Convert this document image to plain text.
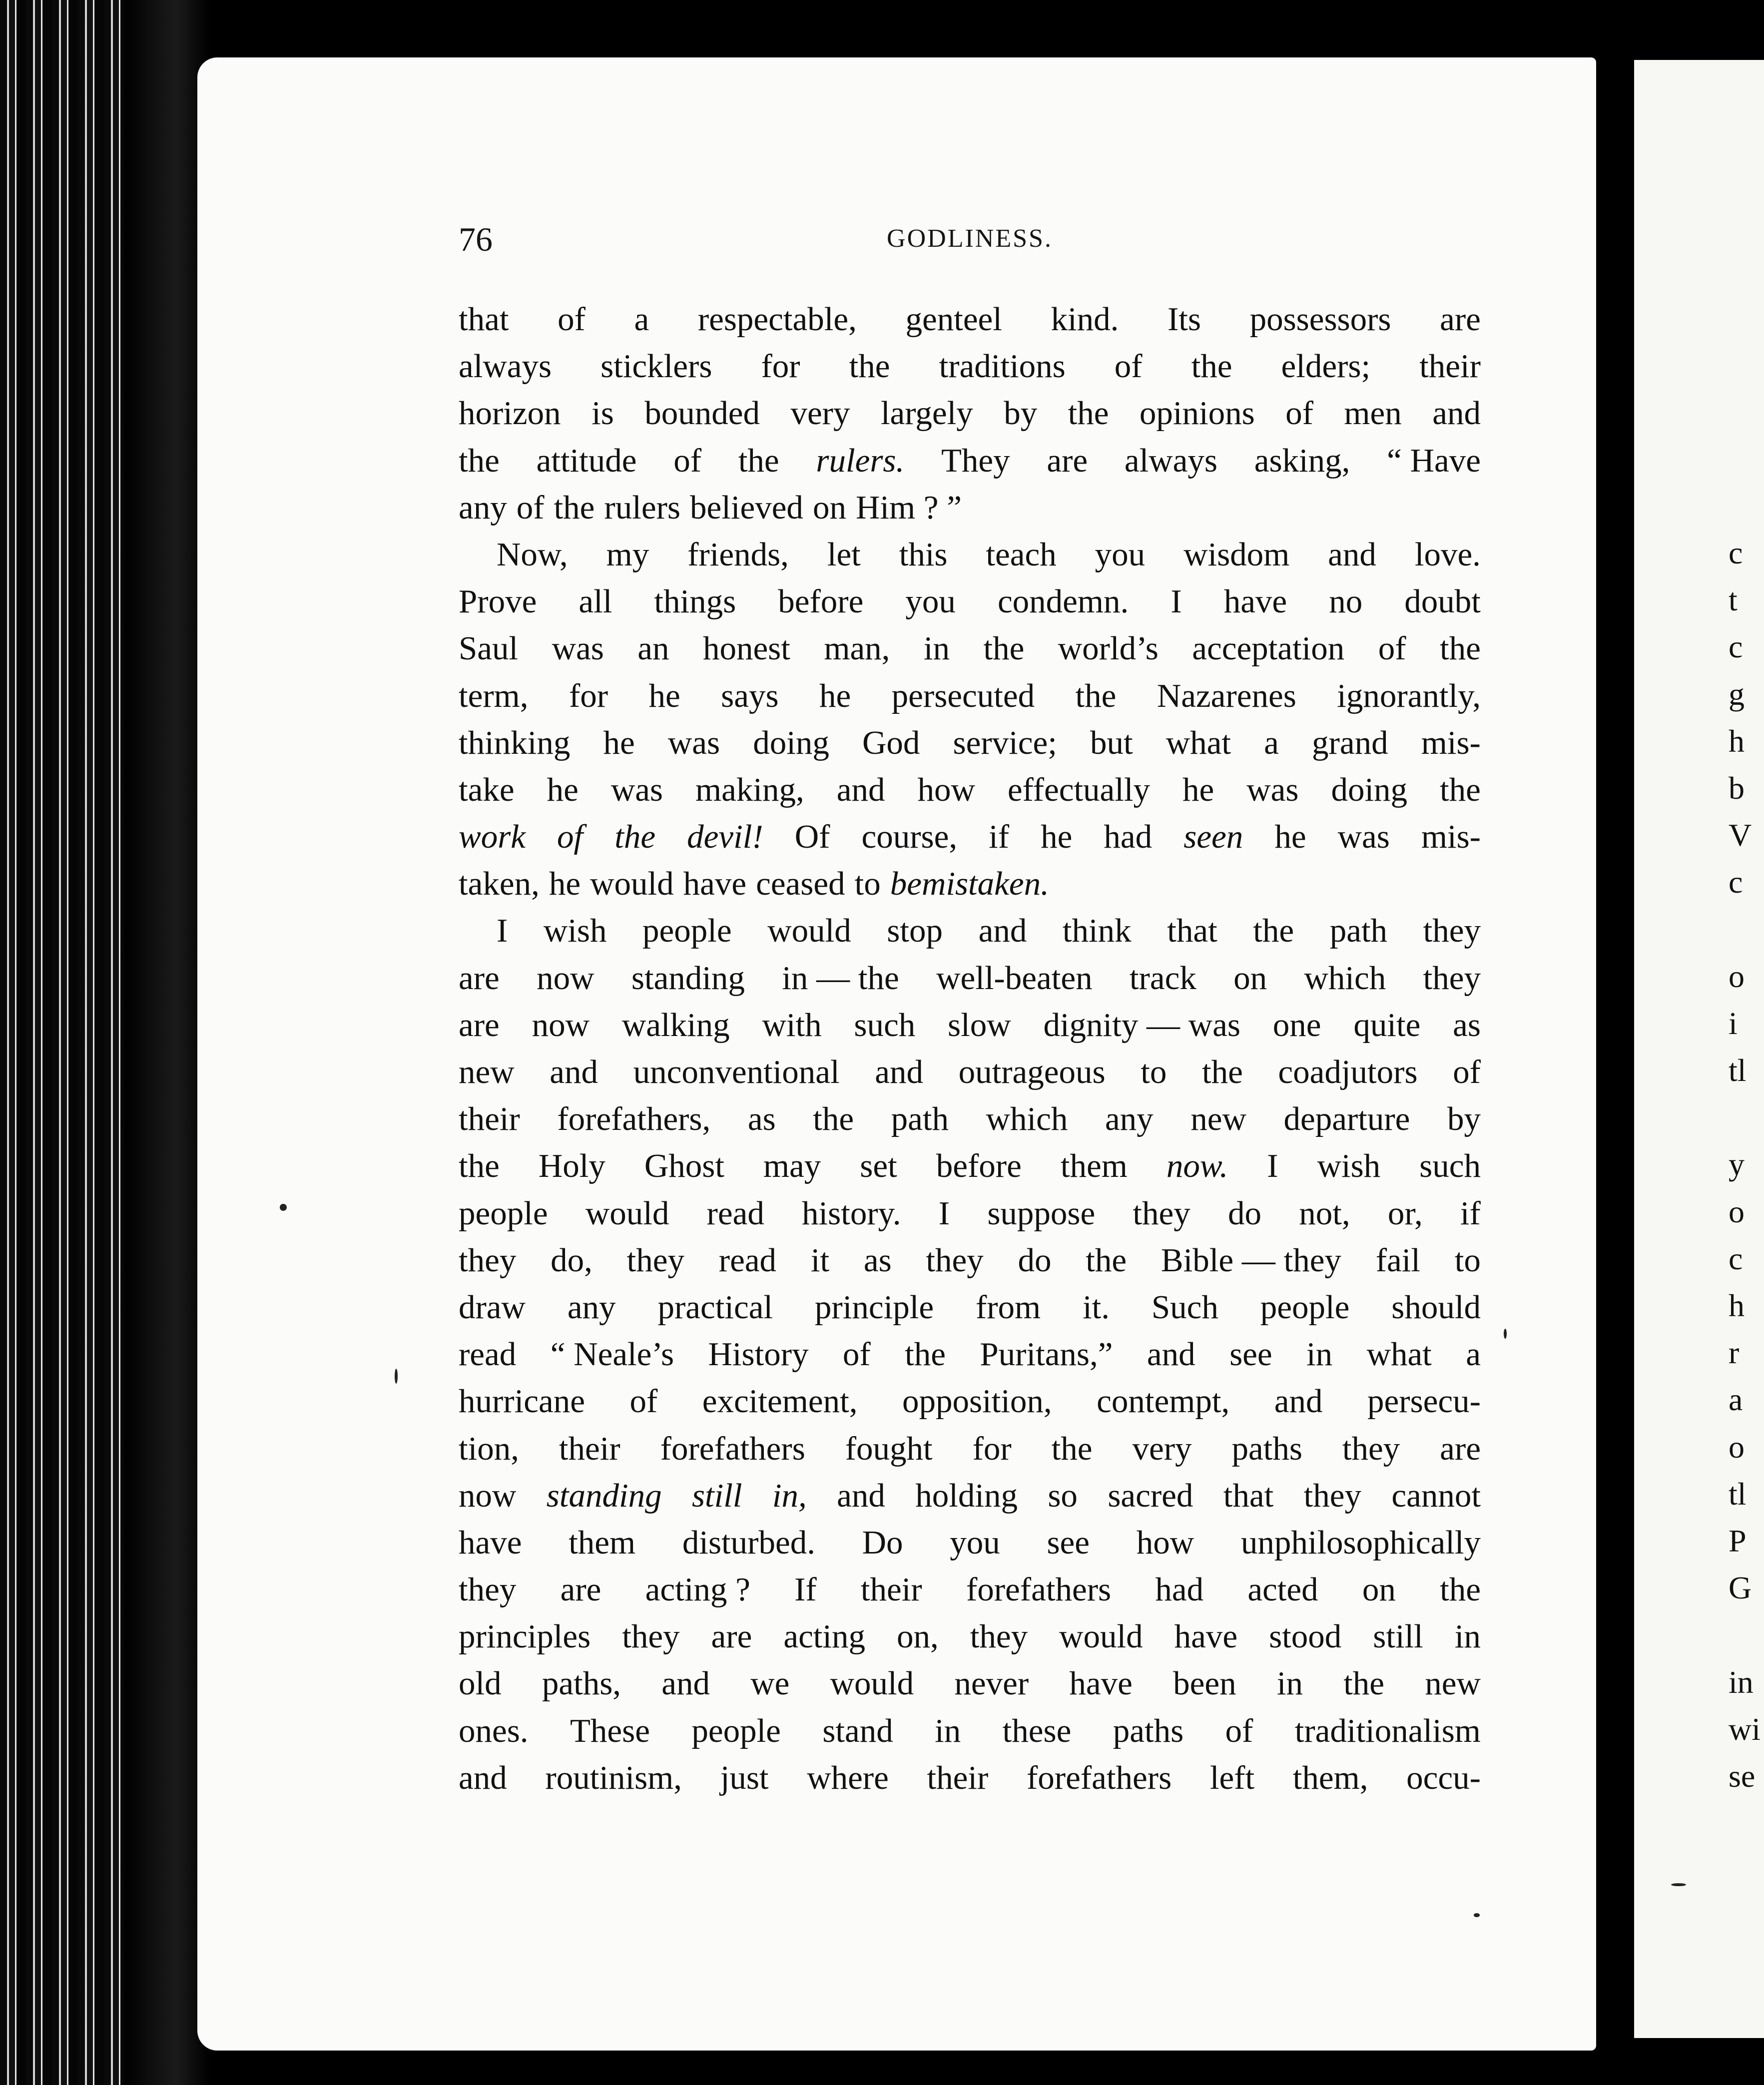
c
t
c
g
h
b
V
c
o
i
tl
y
o
c
h
r
a
o
tl
P
G
in
wi
se
76	GODLINESS.
that of a respectable, genteel kind. Its possessors are
always sticklers for the traditions of the elders; their
horizon is bounded very largely by the opinions of men and
the attitude of the rulers. They are always asking, “ Have
any of the rulers believed on Him ? ”
Now, my friends, let this teach you wisdom and love.
Prove all things before you condemn. I have no doubt
Saul was an honest man, in the world’s acceptation of the
term, for he says he persecuted the Nazarenes ignorantly,
thinking he was doing God service; but what a grand mis-
take he was making, and how effectually he was doing the
work of the devil! Of course, if he had seen he was mis-
taken, he would have ceased to be mistaken.
I wish people would stop and think that the path they
are now standing in — the well-beaten track on which they
are now walking with such slow dignity — was one quite as
new and unconventional and outrageous to the coadjutors of
their forefathers, as the path which any new departure by
the Holy Ghost may set before them now. I wish such
people would read history. I suppose they do not, or, if
they do, they read it as they do the Bible — they fail to
draw any practical principle from it. Such people should
read “ Neale’s History of the Puritans,” and see in what a
hurricane of excitement, opposition, contempt, and persecu-
tion, their forefathers fought for the very paths they are
now standing still in, and holding so sacred that they cannot
have them disturbed. Do you see how unphilosophically
they are acting ? If their forefathers had acted on the
principles they are acting on, they would have stood still in
old paths, and we would never have been in the new
ones. These people stand in these paths of traditionalism
and routinism, just where their forefathers left them, occu-
